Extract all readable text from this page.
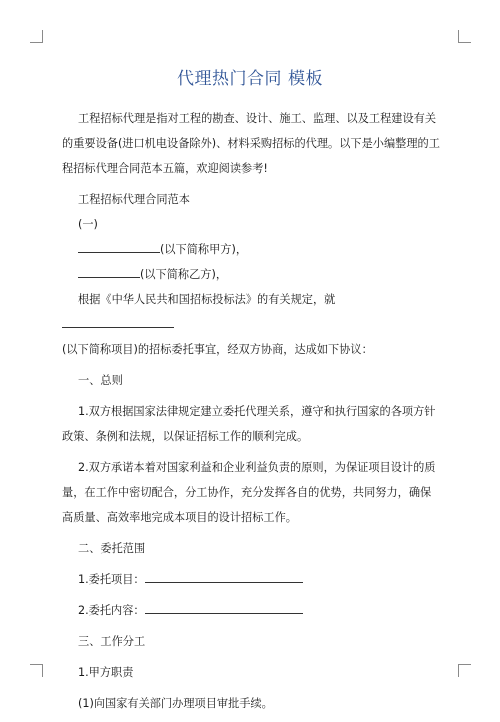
代理热门合同 模板

工程招标代理是指对工程的勘查、设计、施工、监理、以及工程建设有关的重要设备(进口机电设备除外)、材料采购招标的代理。以下是小编整理的工程招标代理合同范本五篇，欢迎阅读参考!

工程招标代理合同范本

(一)

(以下简称甲方)，

(以下简称乙方)，

根据《中华人民共和国招标投标法》的有关规定，就

(以下简称项目)的招标委托事宜，经双方协商，达成如下协议：

一、总则

1.双方根据国家法律规定建立委托代理关系，遵守和执行国家的各项方针政策、条例和法规，以保证招标工作的顺利完成。

2.双方承诺本着对国家利益和企业利益负责的原则，为保证项目设计的质量，在工作中密切配合，分工协作，充分发挥各自的优势，共同努力，确保高质量、高效率地完成本项目的设计招标工作。

二、委托范围

1.委托项目：

2.委托内容：

三、工作分工

1.甲方职责

(1)向国家有关部门办理项目审批手续。
